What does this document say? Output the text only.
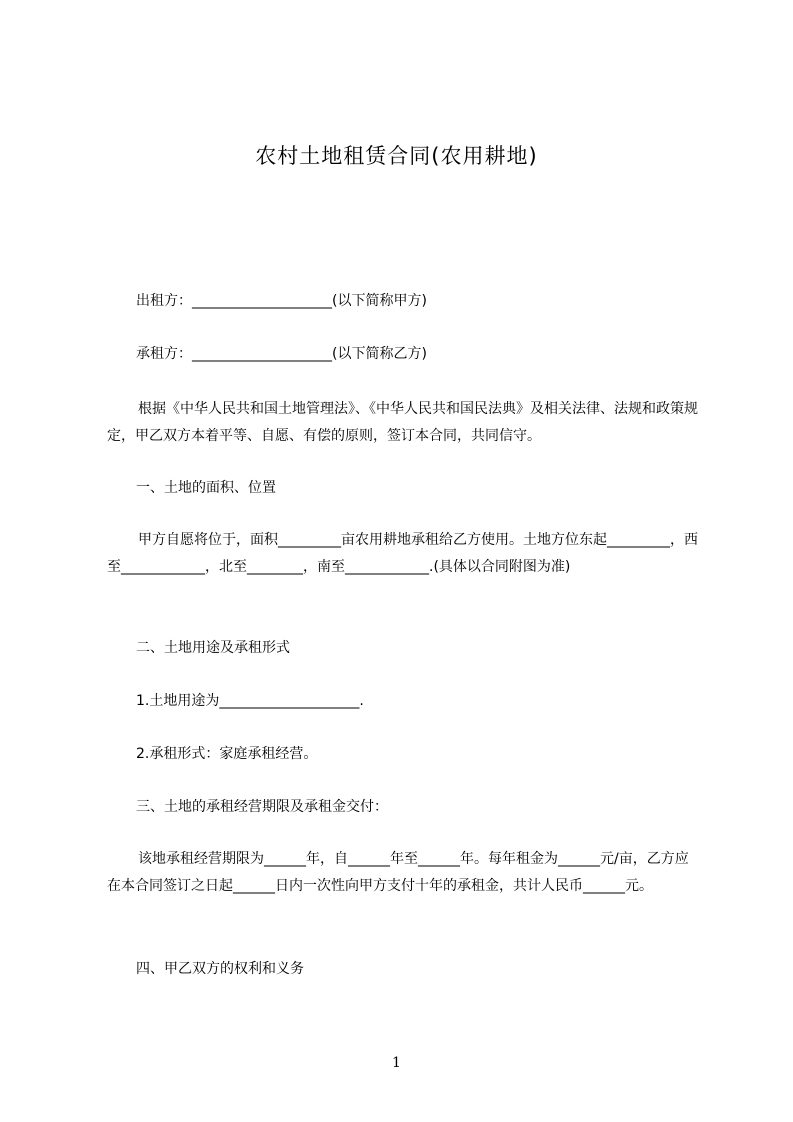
农村土地租赁合同(农用耕地)
出租方：____________________(以下简称甲方)
承租方：____________________(以下简称乙方)
根据《中华人民共和国土地管理法》、《中华人民共和国民法典》及相关法律、法规和政策规定，甲乙双方本着平等、自愿、有偿的原则，签订本合同，共同信守。
一、土地的面积、位置
甲方自愿将位于，面积_________亩农用耕地承租给乙方使用。土地方位东起_________，西至____________，北至________，南至____________.(具体以合同附图为准)
二、土地用途及承租形式
1.土地用途为____________________.
2.承租形式：家庭承租经营。
三、土地的承租经营期限及承租金交付：
该地承租经营期限为______年，自______年至______年。每年租金为______元/亩，乙方应在本合同签订之日起______日内一次性向甲方支付十年的承租金，共计人民币______元。
四、甲乙双方的权利和义务
1
